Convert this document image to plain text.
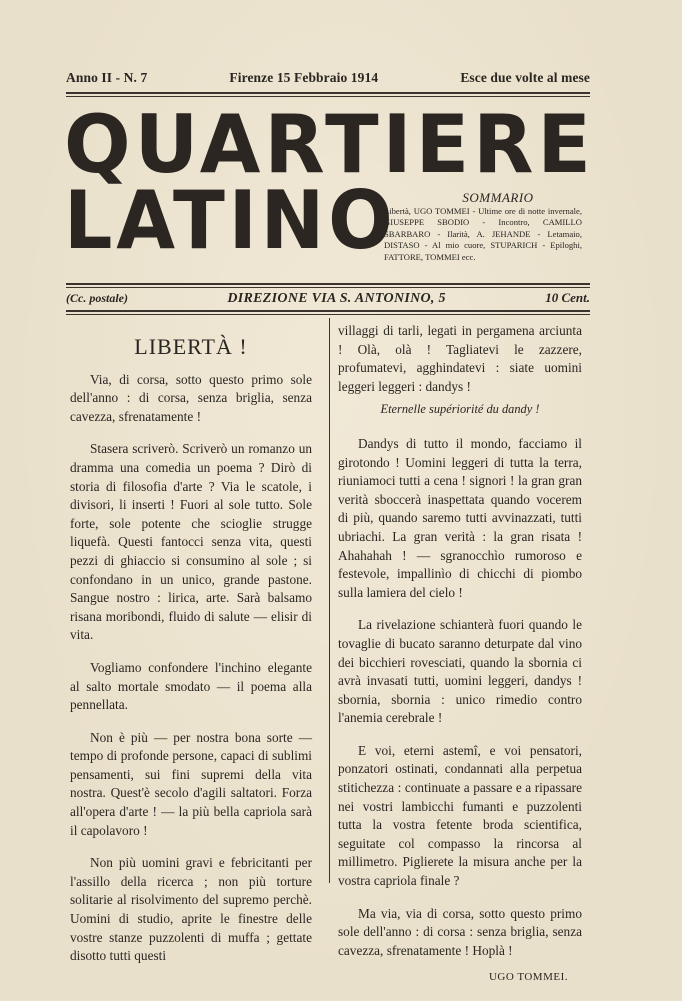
Anno II - N. 7	Firenze 15 Febbraio 1914	Esce due volte al mese
QUARTIERE
LATINO	SOMMARIO
Libertà, UGO TOMMEI - Ultime ore di notte invernale, GIUSEPPE SBODIO - Incontro, CAMILLO SBARBARO - Ilarità, A. JEHANDE - Letamaio, DISTASO - Al mio cuore, STUPARICH - Epiloghi, FATTORE, TOMMEI ecc.
(Cc. postale)	DIREZIONE VIA S. ANTONINO, 5	10 Cent.

LIBERTÀ !

Via, di corsa, sotto questo primo sole dell'anno : di corsa, senza briglia, senza cavezza, sfrenatamente !

Stasera scriverò. Scriverò un romanzo un dramma una comedia un poema ? Dirò di storia di filosofia d'arte ? Via le scatole, i divisori, li inserti ! Fuori al sole tutto. Sole forte, sole potente che scioglie strugge liquefà. Questi fantocci senza vita, questi pezzi di ghiaccio si consumino al sole ; si confondano in un unico, grande pastone. Sangue nostro : lirica, arte. Sarà balsamo risana moribondi, fluido di salute — elisir di vita.

Vogliamo confondere l'inchino elegante al salto mortale smodato — il poema alla pennellata.

Non è più — per nostra bona sorte — tempo di profonde persone, capaci di sublimi pensamenti, sui fini supremi della vita nostra. Quest'è secolo d'agili saltatori. Forza all'opera d'arte ! — la più bella capriola sarà il capolavoro !

Non più uomini gravi e febricitanti per l'assillo della ricerca ; non più torture solitarie al risolvimento del supremo perchè. Uomini di studio, aprite le finestre delle vostre stanze puzzolenti di muffa ; gettate disotto tutti questi

villaggi di tarli, legati in pergamena arciunta ! Olà, olà ! Tagliatevi le zazzere, profumatevi, agghindatevi : siate uomini leggeri leggeri : dandys !

Eternelle supériorité du dandy !

Dandys di tutto il mondo, facciamo il girotondo ! Uomini leggeri di tutta la terra, riuniamoci tutti a cena ! signori ! la gran gran verità sboccerà inaspettata quando vocerem di più, quando saremo tutti avvinazzati, tutti ubriachi. La gran verità : la gran risata ! Ahahahah ! — sgranocchìo rumoroso e festevole, impallinìo di chicchi di piombo sulla lamiera del cielo !

La rivelazione schianterà fuori quando le tovaglie di bucato saranno deturpate dal vino dei bicchieri rovesciati, quando la sbornia ci avrà invasati tutti, uomini leggeri, dandys ! sbornia, sbornia : unico rimedio contro l'anemia cerebrale !

E voi, eterni astemî, e voi pensatori, ponzatori ostinati, condannati alla perpetua stitichezza : continuate a passare e a ripassare nei vostri lambicchi fumanti e puzzolenti tutta la vostra fetente broda scientifica, seguitate col compasso la rincorsa al millimetro. Piglierete la misura anche per la vostra capriola finale ?

Ma via, via di corsa, sotto questo primo sole dell'anno : di corsa : senza briglia, senza cavezza, sfrenatamente ! Hoplà !

UGO TOMMEI.
